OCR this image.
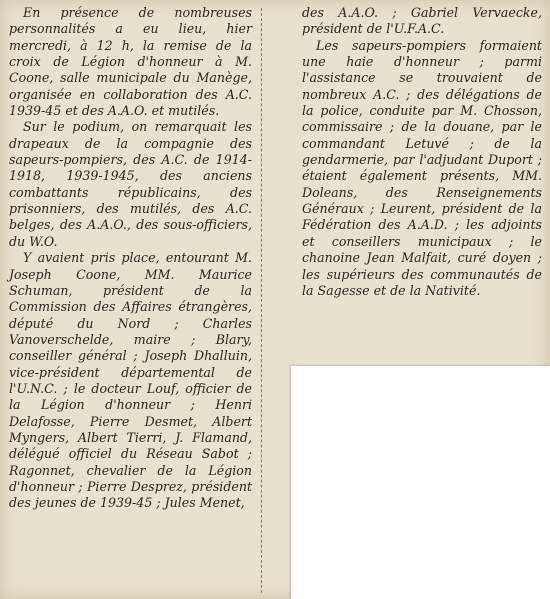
En présence de nombreuses personnalités a eu lieu, hier mercredi, à 12 h, la remise de la croix de Légion d'honneur à M. Coone, salle municipale du Manège, organisée en collaboration des A.C. 1939-45 et des A.A.O. et mutilés.

Sur le podium, on remarquait les drapeaux de la compagnie des sapeurs-pompiers, des A.C. de 1914-1918, 1939-1945, des anciens combattants républicains, des prisonniers, des mutilés, des A.C. belges, des A.A.O., des sous-officiers, du W.O.

Y avaient pris place, entourant M. Joseph Coone, MM. Maurice Schuman, président de la Commission des Affaires étrangères, député du Nord ; Charles Vanoverschelde, maire ; Blary, conseiller général ; Joseph Dhalluin, vice-président départemental de l'U.N.C. ; le docteur Louf, officier de la Légion d'honneur ; Henri Delafosse, Pierre Desmet, Albert Myngers, Albert Tierri, J. Flamand, délégué officiel du Réseau Sabot ; Ragonnet, chevalier de la Légion d'honneur ; Pierre Desprez, président des jeunes de 1939-45 ; Jules Menet,

des A.A.O. ; Gabriel Vervaecke, président de l'U.F.A.C.

Les sapeurs-pompiers formaient une haie d'honneur ; parmi l'assistance se trouvaient de nombreux A.C. ; des délégations de la police, conduite par M. Chosson, commissaire ; de la douane, par le commandant Letuvé ; de la gendarmerie, par l'adjudant Duport ; étaient également présents, MM. Doleans, des Renseignements Généraux ; Leurent, président de la Fédération des A.A.D. ; les adjoints et conseillers municipaux ; le chanoine Jean Malfait, curé doyen ; les supérieurs des communautés de la Sagesse et de la Nativité.
